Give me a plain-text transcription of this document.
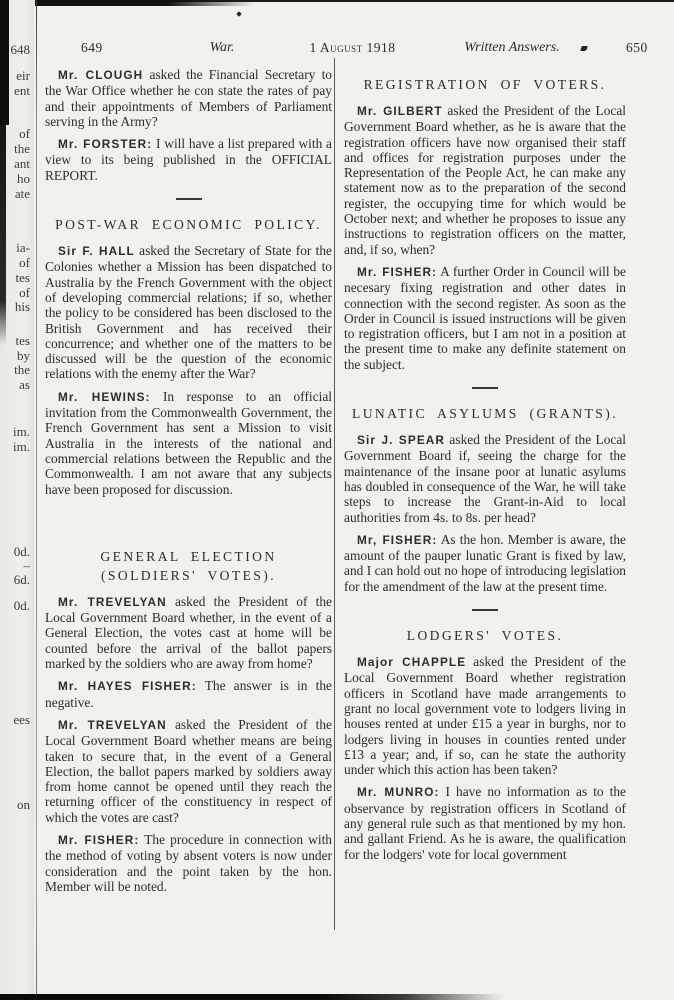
648
eir
ent
of
the
ant
ho
ate
ia-
of
tes
of
his
tes
by
the
as
im.
im.
0d.
–
6d.
0d.
ees
on
649	War.	1 August 1918	Written Answers.	650

Mr. CLOUGH asked the Financial Secretary to the War Office whether he con state the rates of pay and their appointments of Members of Parliament serving in the Army?

Mr. FORSTER: I will have a list prepared with a view to its being published in the OFFICIAL REPORT.

POST-WAR ECONOMIC POLICY.

Sir F. HALL asked the Secretary of State for the Colonies whether a Mission has been dispatched to Australia by the French Government with the object of developing commercial relations; if so, whether the policy to be considered has been disclosed to the British Government and has received their concurrence; and whether one of the matters to be discussed will be the question of the economic relations with the enemy after the War?

Mr. HEWINS: In response to an official invitation from the Commonwealth Government, the French Government has sent a Mission to visit Australia in the interests of the national and commercial relations between the Republic and the Commonwealth. I am not aware that any subjects have been proposed for discussion.

GENERAL ELECTION (SOLDIERS' VOTES).

Mr. TREVELYAN asked the President of the Local Government Board whether, in the event of a General Election, the votes cast at home will be counted before the arrival of the ballot papers marked by the soldiers who are away from home?

Mr. HAYES FISHER: The answer is in the negative.

Mr. TREVELYAN asked the President of the Local Government Board whether means are being taken to secure that, in the event of a General Election, the ballot papers marked by soldiers away from home cannot be opened until they reach the returning officer of the constituency in respect of which the votes are cast?

Mr. FISHER: The procedure in connection with the method of voting by absent voters is now under consideration and the point taken by the hon. Member will be noted.

REGISTRATION OF VOTERS.

Mr. GILBERT asked the President of the Local Government Board whether, as he is aware that the registration officers have now organised their staff and offices for registration purposes under the Representation of the People Act, he can make any statement now as to the preparation of the second register, the occupying time for which would be October next; and whether he proposes to issue any instructions to registration officers on the matter, and, if so, when?

Mr. FISHER: A further Order in Council will be necesary fixing registration and other dates in connection with the second register. As soon as the Order in Council is issued instructions will be given to registration officers, but I am not in a position at the present time to make any definite statement on the subject.

LUNATIC ASYLUMS (GRANTS).

Sir J. SPEAR asked the President of the Local Government Board if, seeing the charge for the maintenance of the insane poor at lunatic asylums has doubled in consequence of the War, he will take steps to increase the Grant-in-Aid to local authorities from 4s. to 8s. per head?

Mr, FISHER: As the hon. Member is aware, the amount of the pauper lunatic Grant is fixed by law, and I can hold out no hope of introducing legislation for the amendment of the law at the present time.

LODGERS' VOTES.

Major CHAPPLE asked the President of the Local Government Board whether registration officers in Scotland have made arrangements to grant no local government vote to lodgers living in houses rented at under £15 a year in burghs, nor to lodgers living in houses in counties rented under £13 a year; and, if so, can he state the authority under which this action has been taken?

Mr. MUNRO: I have no information as to the observance by registration officers in Scotland of any general rule such as that mentioned by my hon. and gallant Friend. As he is aware, the qualification for the lodgers' vote for local government
